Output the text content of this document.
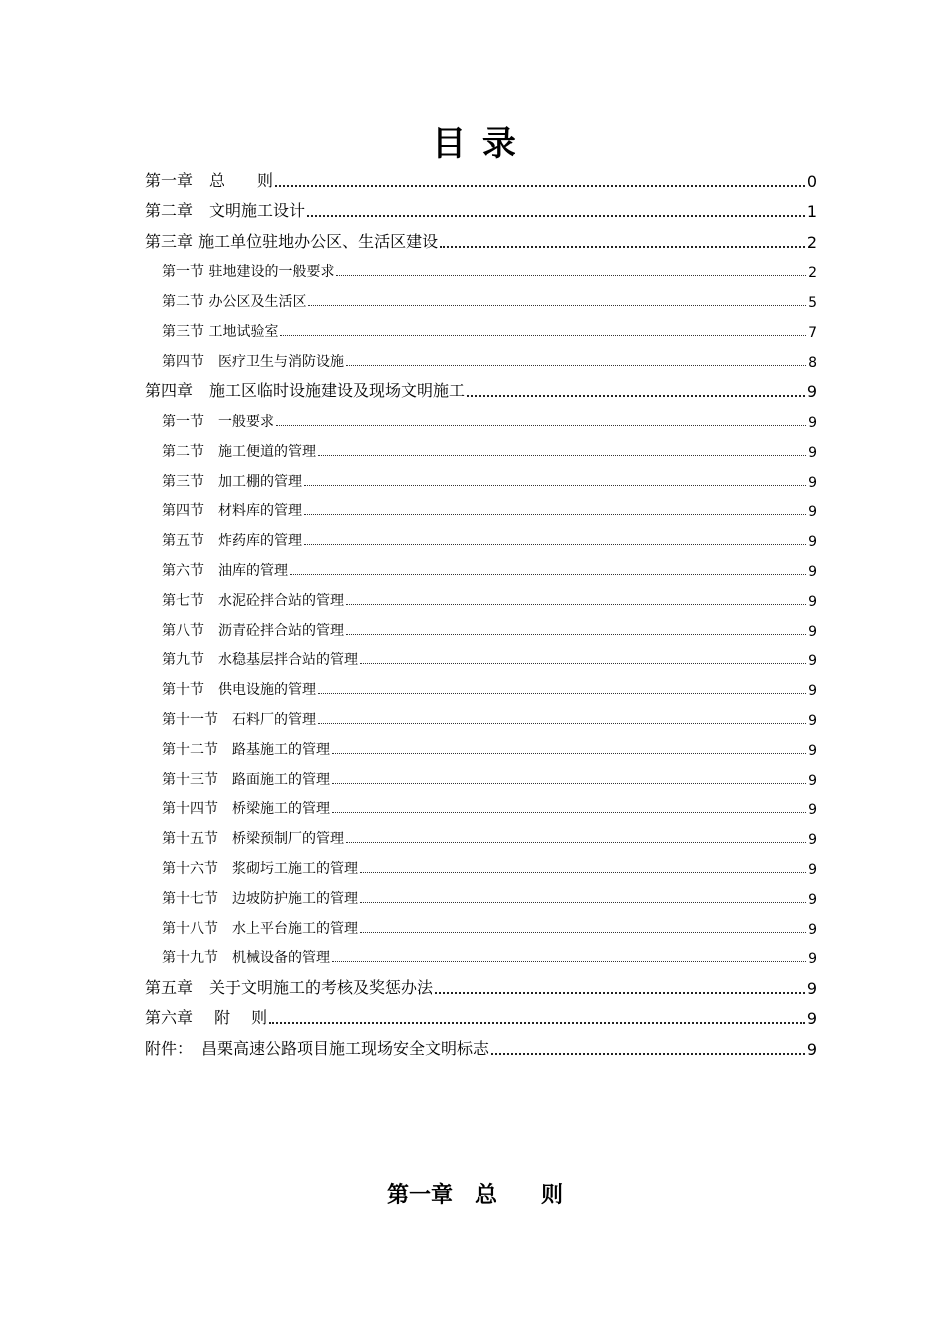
目 录
第一章　总　　则	0
第二章　文明施工设计	1
第三章 施工单位驻地办公区、生活区建设	2
第一节 驻地建设的一般要求	2
第二节 办公区及生活区	5
第三节 工地试验室	7
第四节　医疗卫生与消防设施	8
第四章　施工区临时设施建设及现场文明施工	9
第一节　一般要求	9
第二节　施工便道的管理	9
第三节　加工棚的管理	9
第四节　材料库的管理	9
第五节　炸药库的管理	9
第六节　油库的管理	9
第七节　水泥砼拌合站的管理	9
第八节　沥青砼拌合站的管理	9
第九节　水稳基层拌合站的管理	9
第十节　供电设施的管理	9
第十一节　石料厂的管理	9
第十二节　路基施工的管理	9
第十三节　路面施工的管理	9
第十四节　桥梁施工的管理	9
第十五节　桥梁预制厂的管理	9
第十六节　浆砌圬工施工的管理	9
第十七节　边坡防护施工的管理	9
第十八节　水上平台施工的管理	9
第十九节　机械设备的管理	9
第五章　关于文明施工的考核及奖惩办法	9
第六章　 附　 则	9
附件：　昌栗高速公路项目施工现场安全文明标志	9
第一章　总　　则
